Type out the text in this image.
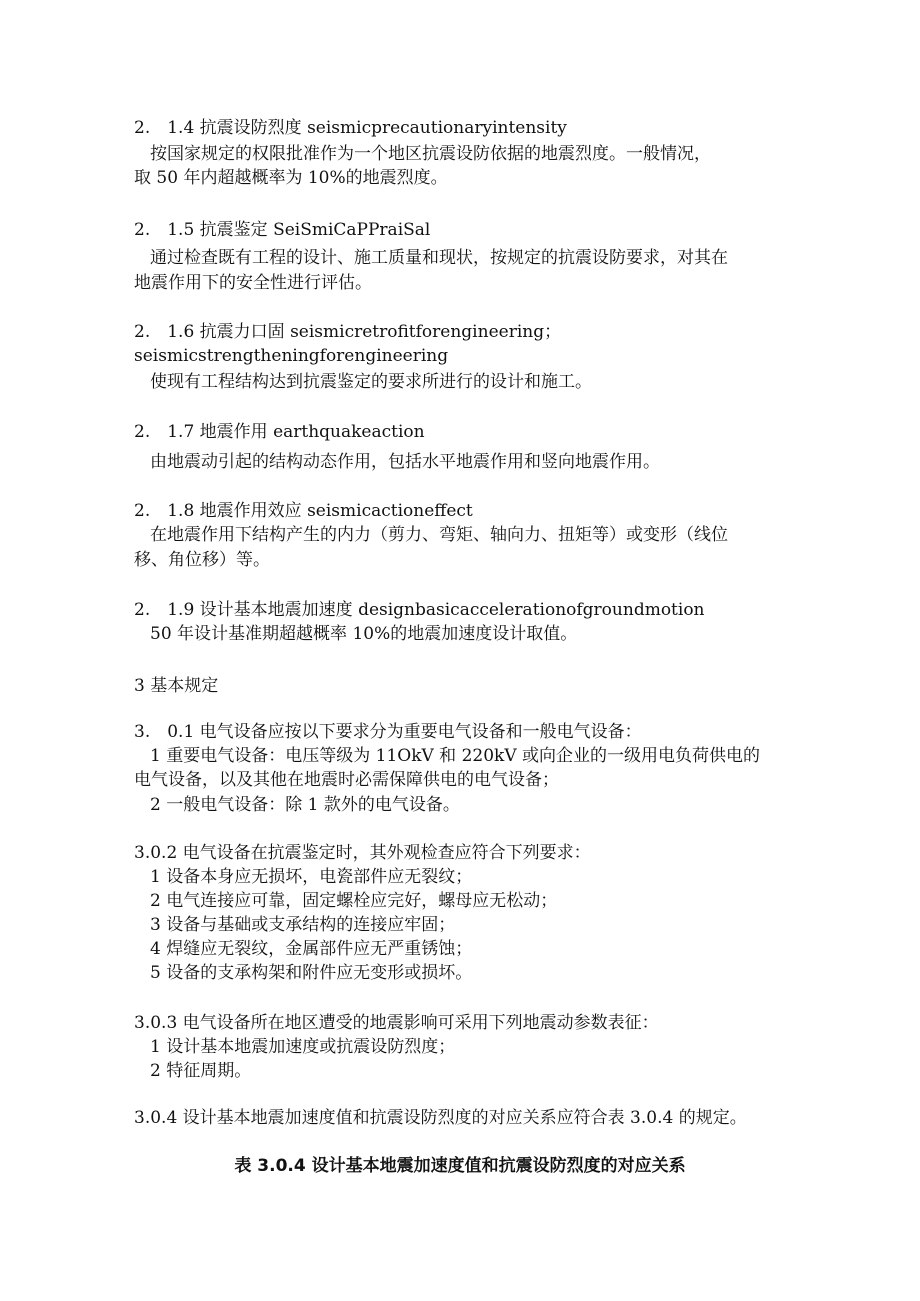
2.　1.4 抗震设防烈度 seismicprecautionaryintensity
按国家规定的权限批准作为一个地区抗震设防依据的地震烈度。一般情况，
取 50 年内超越概率为 10%的地震烈度。
2.　1.5 抗震鉴定 SeiSmiCaPPraiSal
通过检查既有工程的设计、施工质量和现状，按规定的抗震设防要求，对其在
地震作用下的安全性进行评估。
2.　1.6 抗震力口固 seismicretrofitforengineering；
seismicstrengtheningforengineering
使现有工程结构达到抗震鉴定的要求所进行的设计和施工。
2.　1.7 地震作用 earthquakeaction
由地震动引起的结构动态作用，包括水平地震作用和竖向地震作用。
2.　1.8 地震作用效应 seismicactioneffect
在地震作用下结构产生的内力（剪力、弯矩、轴向力、扭矩等）或变形（线位
移、角位移）等。
2.　1.9 设计基本地震加速度 designbasicaccelerationofgroundmotion
50 年设计基准期超越概率 10%的地震加速度设计取值。
3 基本规定
3.　0.1 电气设备应按以下要求分为重要电气设备和一般电气设备：
1 重要电气设备：电压等级为 11OkV 和 220kV 或向企业的一级用电负荷供电的
电气设备，以及其他在地震时必需保障供电的电气设备；
2 一般电气设备：除 1 款外的电气设备。
3.0.2 电气设备在抗震鉴定时，其外观检查应符合下列要求：
1 设备本身应无损坏，电瓷部件应无裂纹；
2 电气连接应可靠，固定螺栓应完好，螺母应无松动；
3 设备与基础或支承结构的连接应牢固；
4 焊缝应无裂纹，金属部件应无严重锈蚀；
5 设备的支承构架和附件应无变形或损坏。
3.0.3 电气设备所在地区遭受的地震影响可采用下列地震动参数表征：
1 设计基本地震加速度或抗震设防烈度；
2 特征周期。
3.0.4 设计基本地震加速度值和抗震设防烈度的对应关系应符合表 3.0.4 的规定。
表 3.0.4 设计基本地震加速度值和抗震设防烈度的对应关系
